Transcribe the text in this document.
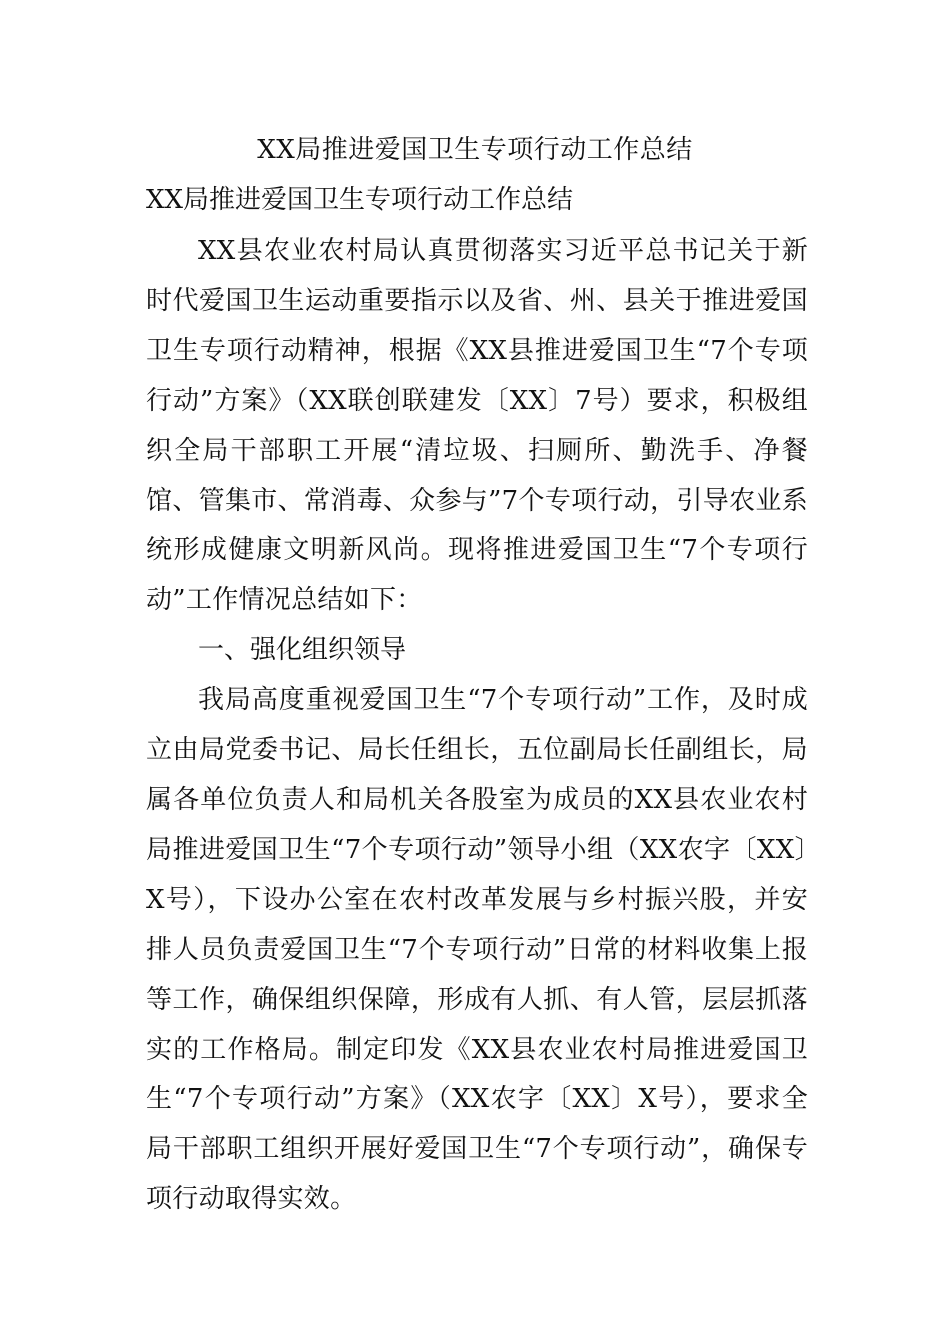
XX局推进爱国卫生专项行动工作总结
XX局推进爱国卫生专项行动工作总结

XX县农业农村局认真贯彻落实习近平总书记关于新时代爱国卫生运动重要指示以及省、州、县关于推进爱国卫生专项行动精神，根据《XX县推进爱国卫生“7个专项行动”方案》（XX联创联建发〔XX〕7号）要求，积极组织全局干部职工开展“清垃圾、扫厕所、勤洗手、净餐馆、管集市、常消毒、众参与”7个专项行动，引导农业系统形成健康文明新风尚。现将推进爱国卫生“7个专项行动”工作情况总结如下：

一、强化组织领导

我局高度重视爱国卫生“7个专项行动”工作，及时成立由局党委书记、局长任组长，五位副局长任副组长，局属各单位负责人和局机关各股室为成员的XX县农业农村局推进爱国卫生“7个专项行动”领导小组（XX农字〔XX〕X号），下设办公室在农村改革发展与乡村振兴股，并安排人员负责爱国卫生“7个专项行动”日常的材料收集上报等工作，确保组织保障，形成有人抓、有人管，层层抓落实的工作格局。制定印发《XX县农业农村局推进爱国卫生“7个专项行动”方案》（XX农字〔XX〕X号），要求全局干部职工组织开展好爱国卫生“7个专项行动”，确保专项行动取得实效。
